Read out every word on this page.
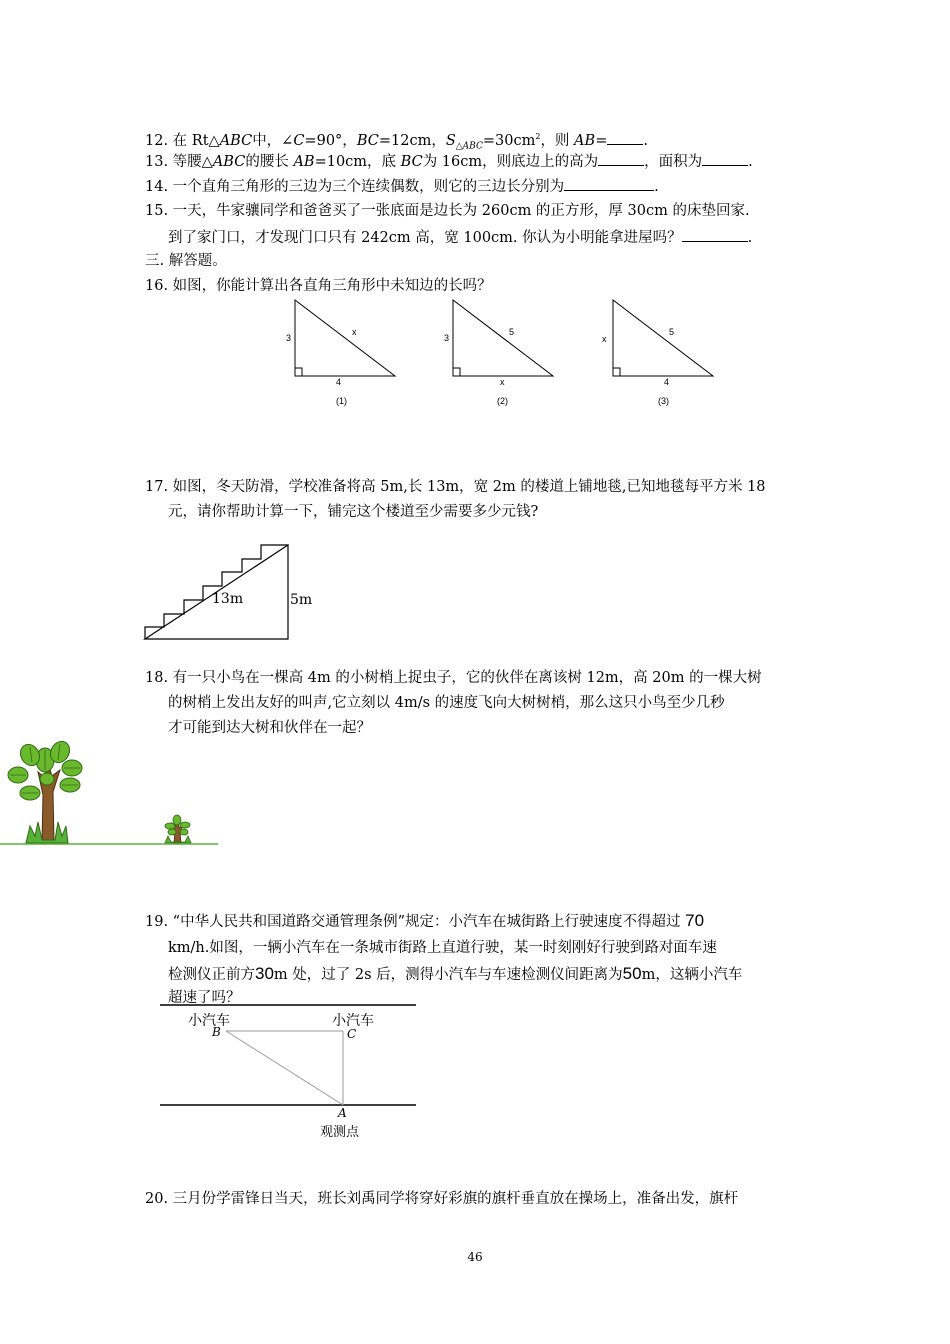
12. 在 Rt△ABC中，∠C=90°，BC=12cm，$S_{\triangle ABC}=30cm^2$，则 AB= .
13. 等腰△ABC的腰长 AB=10cm，底 BC为 16cm，则底边上的高为	，面积为	.
14. 一个直角三角形的三边为三个连续偶数，则它的三边长分别为	.
15. 一天，牛家骧同学和爸爸买了一张底面是边长为 260cm 的正方形，厚 30cm 的床垫回家.
到了家门口，才发现门口只有 242cm 高，宽 100cm. 你认为小明能拿进屋吗？	.
三. 解答题。
16. 如图，你能计算出各直角三角形中未知边的长吗？
3
x
4
(1)
3
5
x
(2)
x
5
4
(3)
17. 如图，冬天防滑，学校准备将高 5m,长 13m，宽 2m 的楼道上铺地毯,已知地毯每平方米 18
元，请你帮助计算一下，铺完这个楼道至少需要多少元钱?
13m	5m
18. 有一只小鸟在一棵高 4m 的小树梢上捉虫子，它的伙伴在离该树 12m，高 20m 的一棵大树
的树梢上发出友好的叫声,它立刻以 4m/s 的速度飞向大树树梢，那么这只小鸟至少几秒
才可能到达大树和伙伴在一起？
19. “中华人民共和国道路交通管理条例”规定：小汽车在城街路上行驶速度不得超过 70
km/h.如图，一辆小汽车在一条城市街路上直道行驶，某一时刻刚好行驶到路对面车速
检测仪正前方30m 处，过了 2s 后，测得小汽车与车速检测仪间距离为50m，这辆小汽车
超速了吗？
小汽车	小汽车
B	C
A
观测点
20. 三月份学雷锋日当天，班长刘禹同学将穿好彩旗的旗杆垂直放在操场上，准备出发，旗杆
46
